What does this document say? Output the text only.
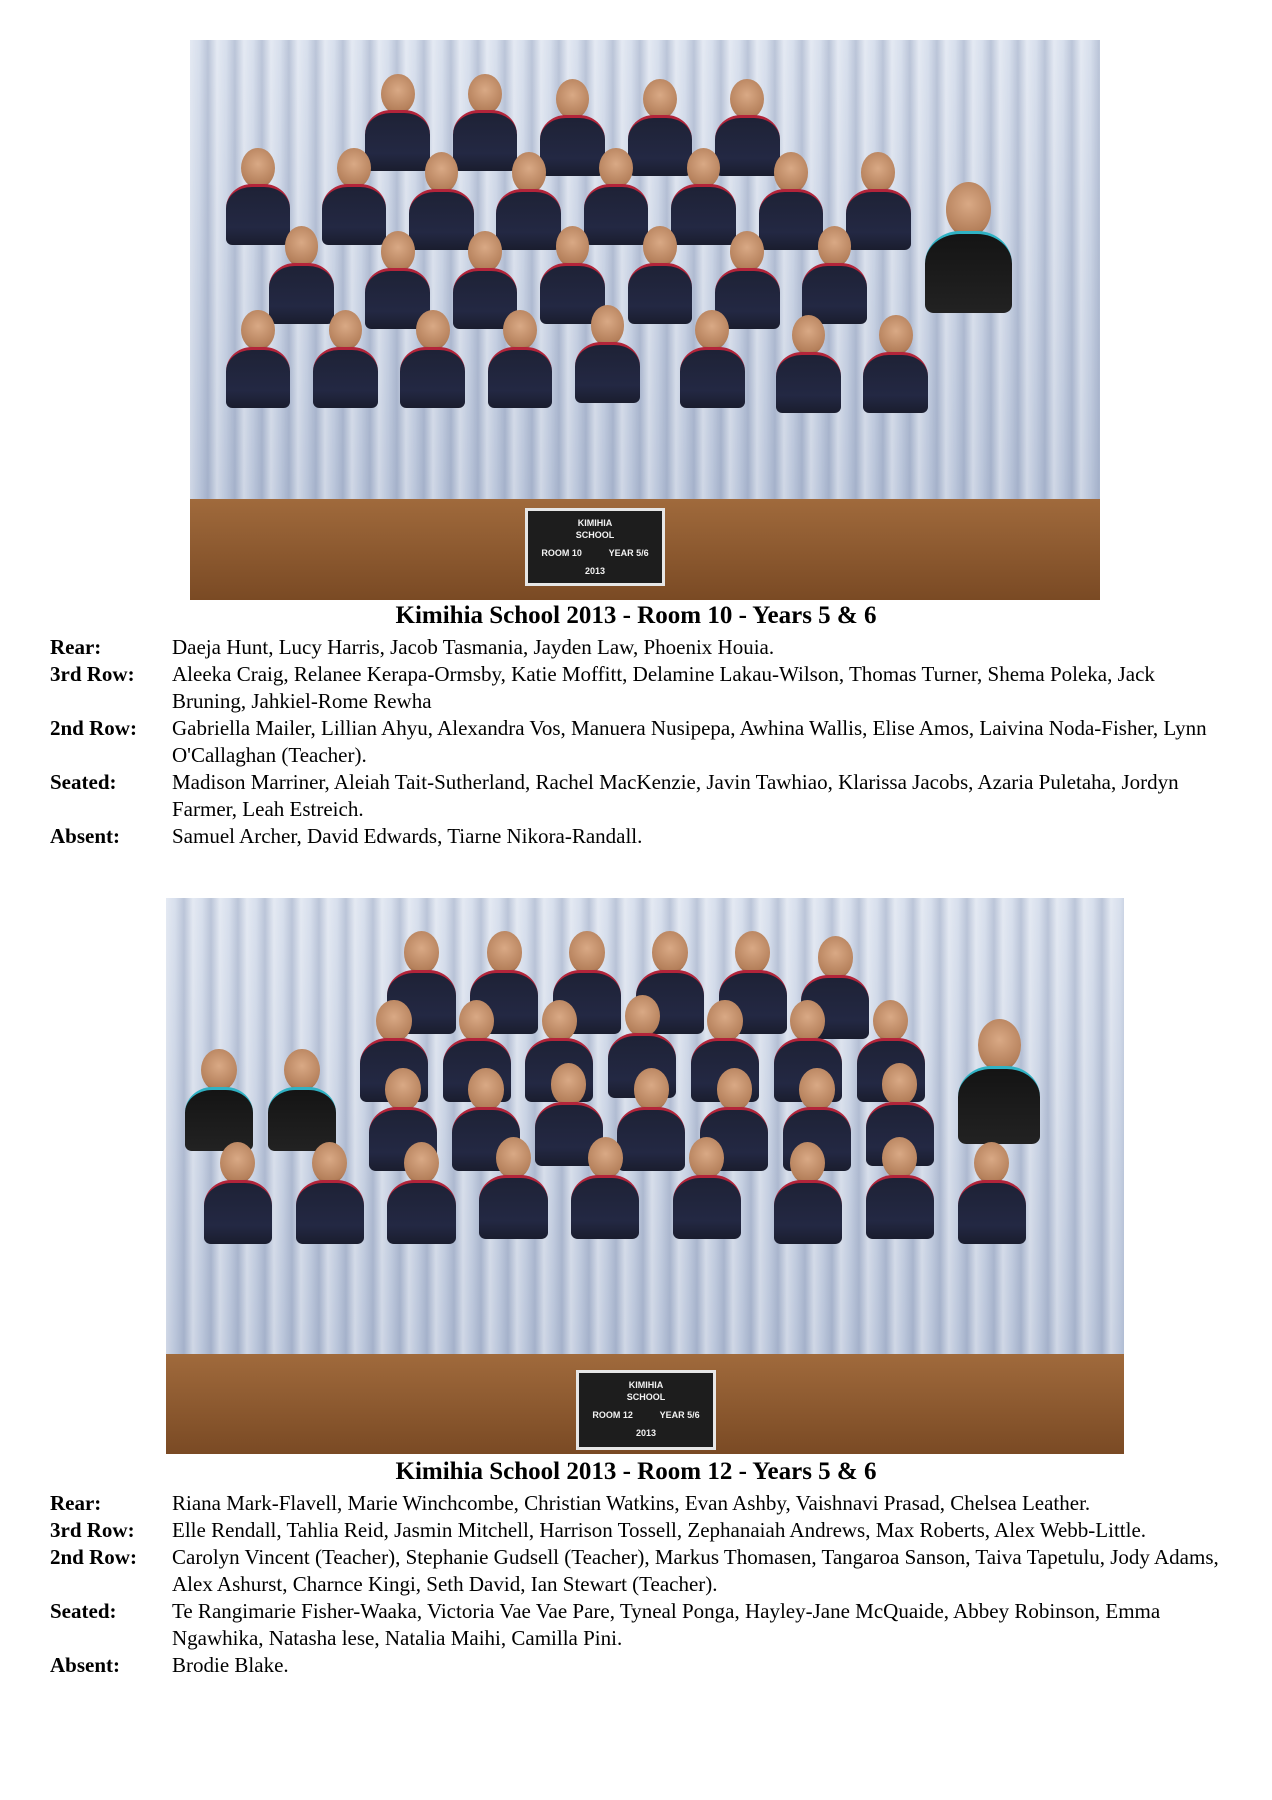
KIMIHIA
SCHOOL
ROOM 10	YEAR 5/6
2013
Kimihia School 2013 - Room 10 - Years 5 & 6
Rear:	Daeja Hunt, Lucy Harris, Jacob Tasmania, Jayden Law, Phoenix Houia.
3rd Row:	Aleeka Craig, Relanee Kerapa-Ormsby, Katie Moffitt, Delamine Lakau-Wilson, Thomas Turner, Shema Poleka, Jack Bruning, Jahkiel-Rome Rewha
2nd Row:	Gabriella Mailer, Lillian Ahyu, Alexandra Vos, Manuera Nusipepa, Awhina Wallis, Elise Amos, Laivina Noda-Fisher, Lynn O'Callaghan (Teacher).
Seated:	Madison Marriner, Aleiah Tait-Sutherland, Rachel MacKenzie, Javin Tawhiao, Klarissa Jacobs, Azaria Puletaha, Jordyn Farmer, Leah Estreich.
Absent:	Samuel Archer, David Edwards, Tiarne Nikora-Randall.
KIMIHIA
SCHOOL
ROOM 12	YEAR 5/6
2013
Kimihia School 2013 - Room 12 - Years 5 & 6
Rear:	Riana Mark-Flavell, Marie Winchcombe, Christian Watkins, Evan Ashby, Vaishnavi Prasad, Chelsea Leather.
3rd Row:	Elle Rendall, Tahlia Reid, Jasmin Mitchell, Harrison Tossell, Zephanaiah Andrews, Max Roberts, Alex Webb-Little.
2nd Row:	Carolyn Vincent (Teacher), Stephanie Gudsell (Teacher), Markus Thomasen, Tangaroa Sanson, Taiva Tapetulu, Jody Adams, Alex Ashurst, Charnce Kingi, Seth David, Ian Stewart (Teacher).
Seated:	Te Rangimarie Fisher-Waaka, Victoria Vae Vae Pare, Tyneal Ponga, Hayley-Jane McQuaide, Abbey Robinson, Emma Ngawhika, Natasha lese, Natalia Maihi, Camilla Pini.
Absent:	Brodie Blake.
